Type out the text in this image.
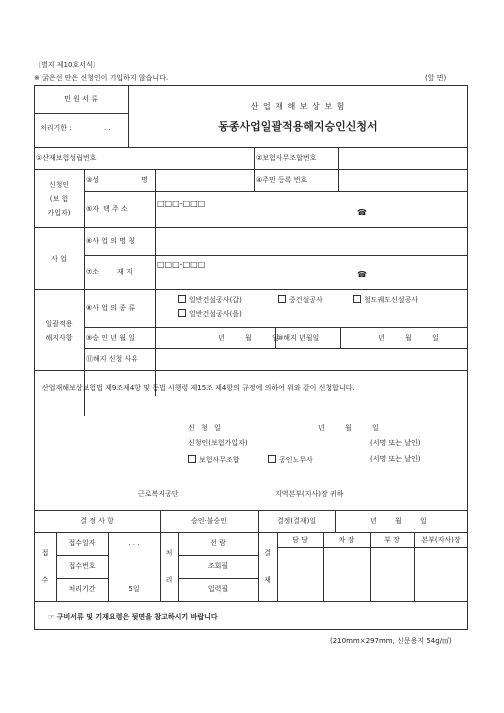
〔별지 제10호서식〕
※ 굵은선 안은 신청인이 기입하지 않습니다.	(앞 면)
민 원 서 류
처리기한 :	. .
산 업 재 해 보 상 보 험
동종사업일괄적용해지승인신청서
①산재보험성립번호	②보험사무조합번호
신청인
(보 험
가입자)
③성	명	④주민 등록 번호
⑤자 택 주 소
□□□-□□□
☎
사 업
⑥사 업 의 명 칭
⑦소	재 지
□□□-□□□
☎
일괄적용
해지사항
⑧사 업 의 종 류
일반건설공사(갑)	중건설공사	철도궤도신설공사
일반건설공사(을)
⑨승 인 년 월 일	년 월 일
⑩해지 년월일	년 월 일
⑪해지 신청 사유
산업재해보상보험법 제9조제4항 및 동법 시행령 제15조 제4항의 규정에 의하여 위와 같이 신청합니다.
신 청 일	년 월 일
신청인(보험가입자)	(서명 또는 날인)
보험사무조합	공인노무사	(서명 또는 날인)
근로복지공단	지역본부(지사)장 귀하
결 정 사 항	승인·불승인	결정(결재)일	년 월 일
접
수
접수일자	. . .
접수번호
처리기간	5일
처
리
선 람
조회필
입력필
결
재
담 당	차 장	부 장	본부(지사)장
☞ 구비서류 및 기재요령은 뒷면을 참고하시기 바랍니다
(210mm×297mm, 신문용지 54g/㎡)
